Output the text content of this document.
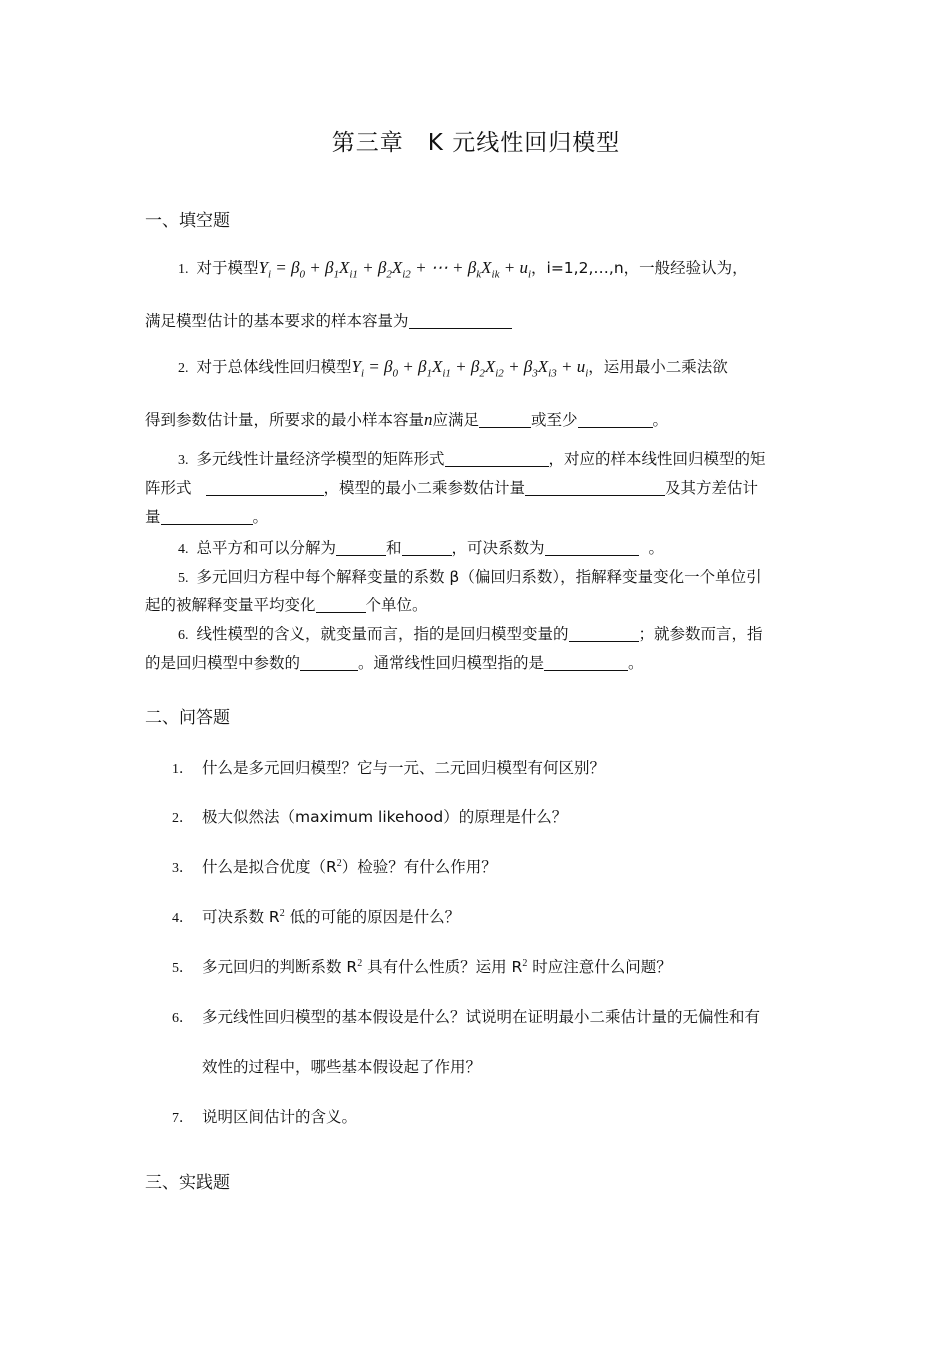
第三章　K 元线性回归模型
一、填空题
1. 对于模型$Y_i = \beta_0 + \beta_1X_{i1} + \beta_2X_{i2}$ + ⋯ + $\beta_kX_{ik} + u_i$，i=1,2,…,n，一般经验认为，
满足模型估计的基本要求的样本容量为
2. 对于总体线性回归模型$Y_i = \beta_0 + \beta_1X_{i1} + \beta_2X_{i2} + \beta_3X_{i3} + u_i$，运用最小二乘法欲
得到参数估计量，所要求的最小样本容量n应满足	或至少	。
3. 多元线性计量经济学模型的矩阵形式	，对应的样本线性回归模型的矩
阵形式	，模型的最小二乘参数估计量	及其方差估计
量	。
4. 总平方和可以分解为	和	，可决系数为	。
5. 多元回归方程中每个解释变量的系数 β（偏回归系数），指解释变量变化一个单位引
起的被解释变量平均变化	个单位。
6. 线性模型的含义，就变量而言，指的是回归模型变量的	；就参数而言，指
的是回归模型中参数的	。通常线性回归模型指的是	。
二、问答题
1． 什么是多元回归模型？它与一元、二元回归模型有何区别？
2． 极大似然法（maximum likehood）的原理是什么？
3． 什么是拟合优度$(R^2)$检验？有什么作用？
4． 可决系数 $R^2$ 低的可能的原因是什么？
5． 多元回归的判断系数 $R^2$ 具有什么性质？运用 $R^2$ 时应注意什么问题？
6． 多元线性回归模型的基本假设是什么？试说明在证明最小二乘估计量的无偏性和有
效性的过程中，哪些基本假设起了作用？
7． 说明区间估计的含义。
三、实践题
